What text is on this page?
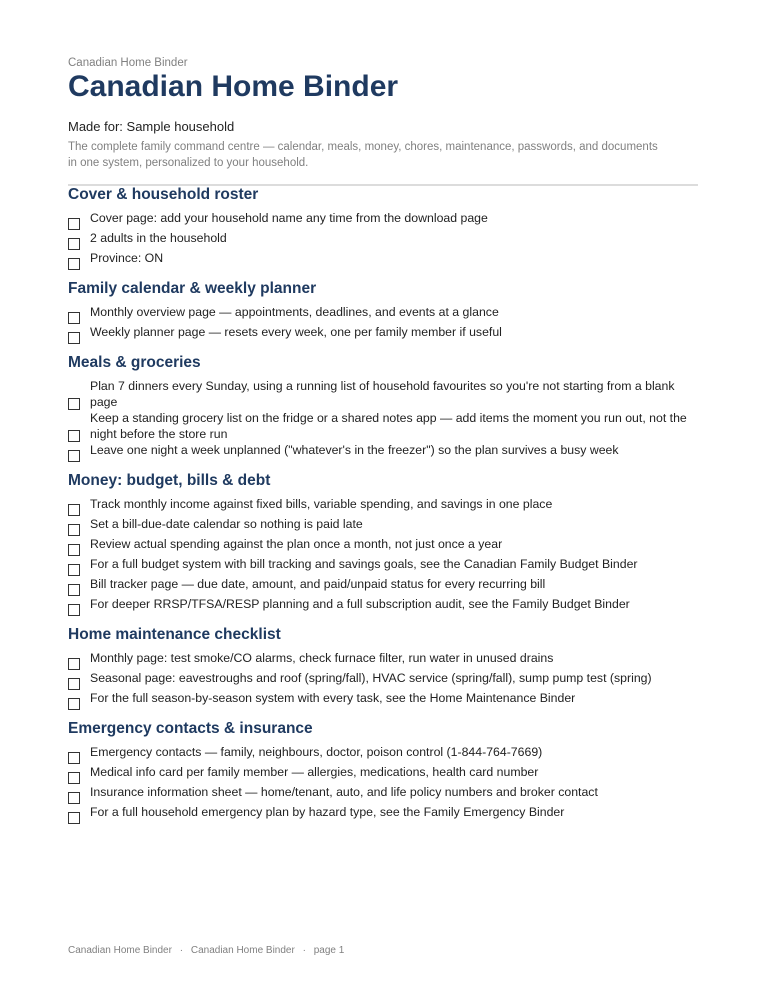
Canadian Home Binder
Canadian Home Binder
Made for: Sample household
The complete family command centre — calendar, meals, money, chores, maintenance, passwords, and documents in one system, personalized to your household.
Cover & household roster
Cover page: add your household name any time from the download page
2 adults in the household
Province: ON
Family calendar & weekly planner
Monthly overview page — appointments, deadlines, and events at a glance
Weekly planner page — resets every week, one per family member if useful
Meals & groceries
Plan 7 dinners every Sunday, using a running list of household favourites so you're not starting from a blank page
Keep a standing grocery list on the fridge or a shared notes app — add items the moment you run out, not the night before the store run
Leave one night a week unplanned ("whatever's in the freezer") so the plan survives a busy week
Money: budget, bills & debt
Track monthly income against fixed bills, variable spending, and savings in one place
Set a bill-due-date calendar so nothing is paid late
Review actual spending against the plan once a month, not just once a year
For a full budget system with bill tracking and savings goals, see the Canadian Family Budget Binder
Bill tracker page — due date, amount, and paid/unpaid status for every recurring bill
For deeper RRSP/TFSA/RESP planning and a full subscription audit, see the Family Budget Binder
Home maintenance checklist
Monthly page: test smoke/CO alarms, check furnace filter, run water in unused drains
Seasonal page: eavestroughs and roof (spring/fall), HVAC service (spring/fall), sump pump test (spring)
For the full season-by-season system with every task, see the Home Maintenance Binder
Emergency contacts & insurance
Emergency contacts — family, neighbours, doctor, poison control (1-844-764-7669)
Medical info card per family member — allergies, medications, health card number
Insurance information sheet — home/tenant, auto, and life policy numbers and broker contact
For a full household emergency plan by hazard type, see the Family Emergency Binder
Canadian Home Binder · Canadian Home Binder · page 1
